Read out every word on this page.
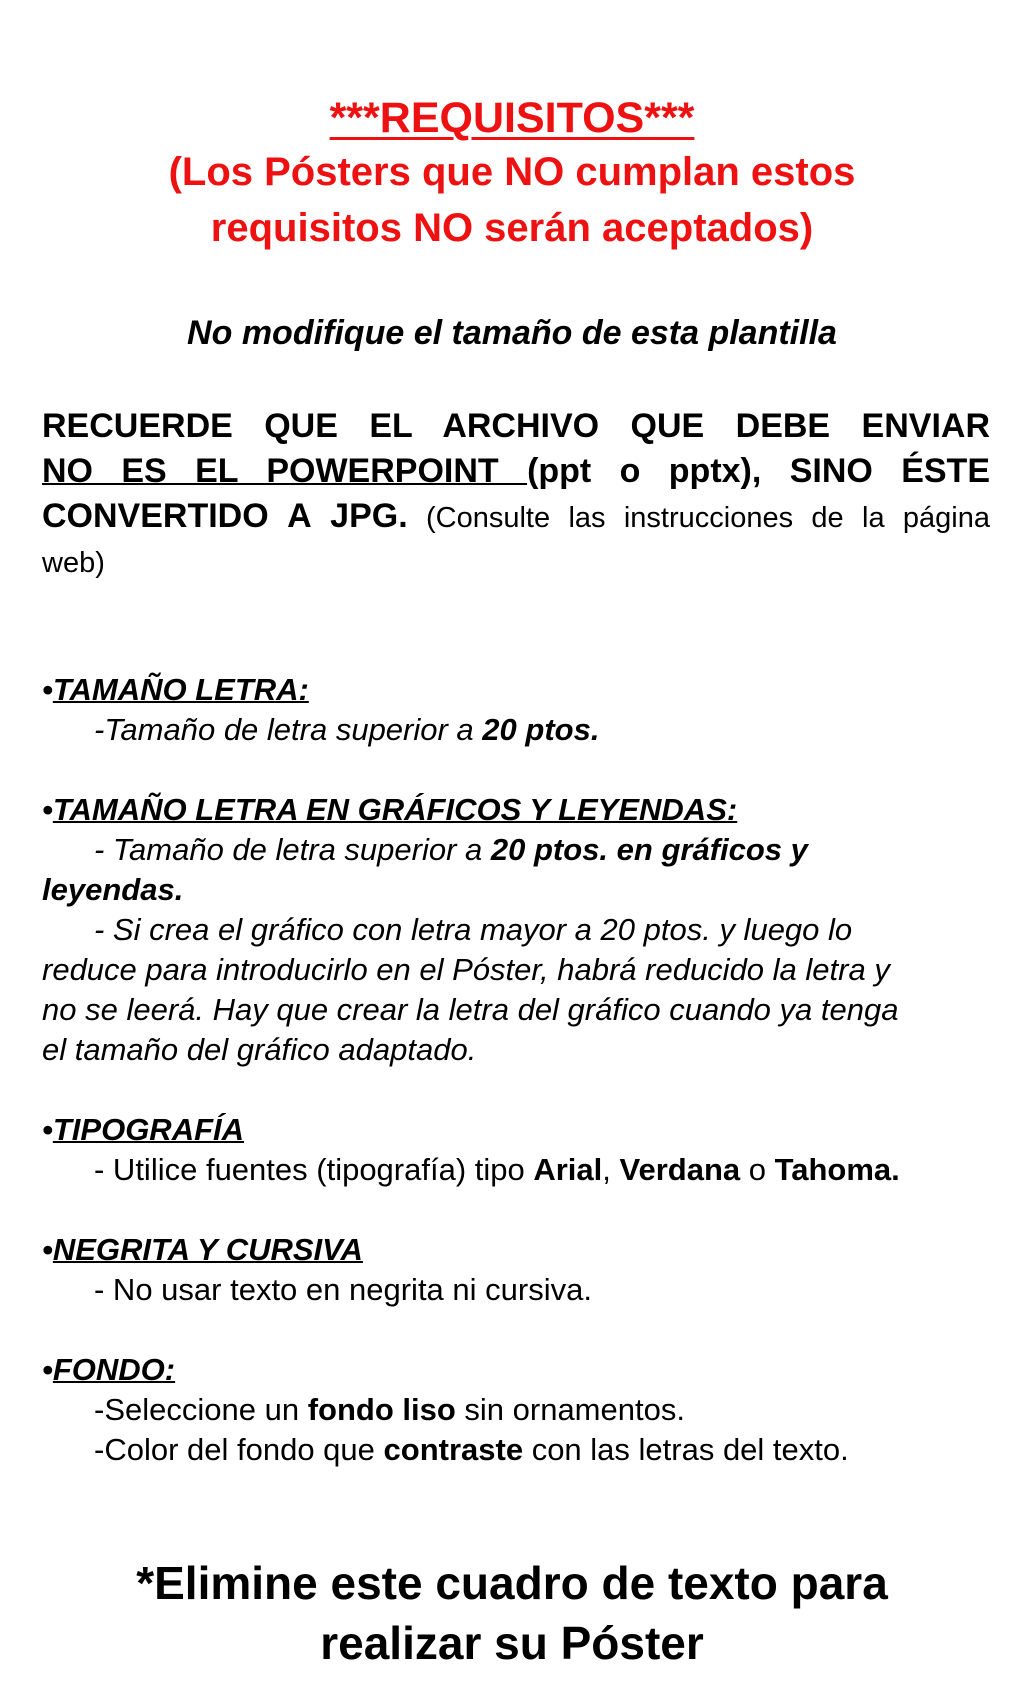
***REQUISITOS***
(Los Pósters que NO cumplan estos
requisitos NO serán aceptados)
No modifique el tamaño de esta plantilla
RECUERDE QUE EL ARCHIVO QUE DEBE ENVIAR
NO ES EL POWERPOINT (ppt o pptx), SINO ÉSTE
CONVERTIDO A JPG. (Consulte las instrucciones de la página
web)
•TAMAÑO LETRA:
-Tamaño de letra superior a 20 ptos.
•TAMAÑO LETRA EN GRÁFICOS Y LEYENDAS:
- Tamaño de letra superior a 20 ptos. en gráficos y
leyendas.
- Si crea el gráfico con letra mayor a 20 ptos. y luego lo
reduce para introducirlo en el Póster, habrá reducido la letra y
no se leerá. Hay que crear la letra del gráfico cuando ya tenga
el tamaño del gráfico adaptado.
•TIPOGRAFÍA
- Utilice fuentes (tipografía) tipo Arial, Verdana o Tahoma.
•NEGRITA Y CURSIVA
- No usar texto en negrita ni cursiva.
•FONDO:
-Seleccione un fondo liso sin ornamentos.
-Color del fondo que contraste con las letras del texto.
*Elimine este cuadro de texto para
realizar su Póster
